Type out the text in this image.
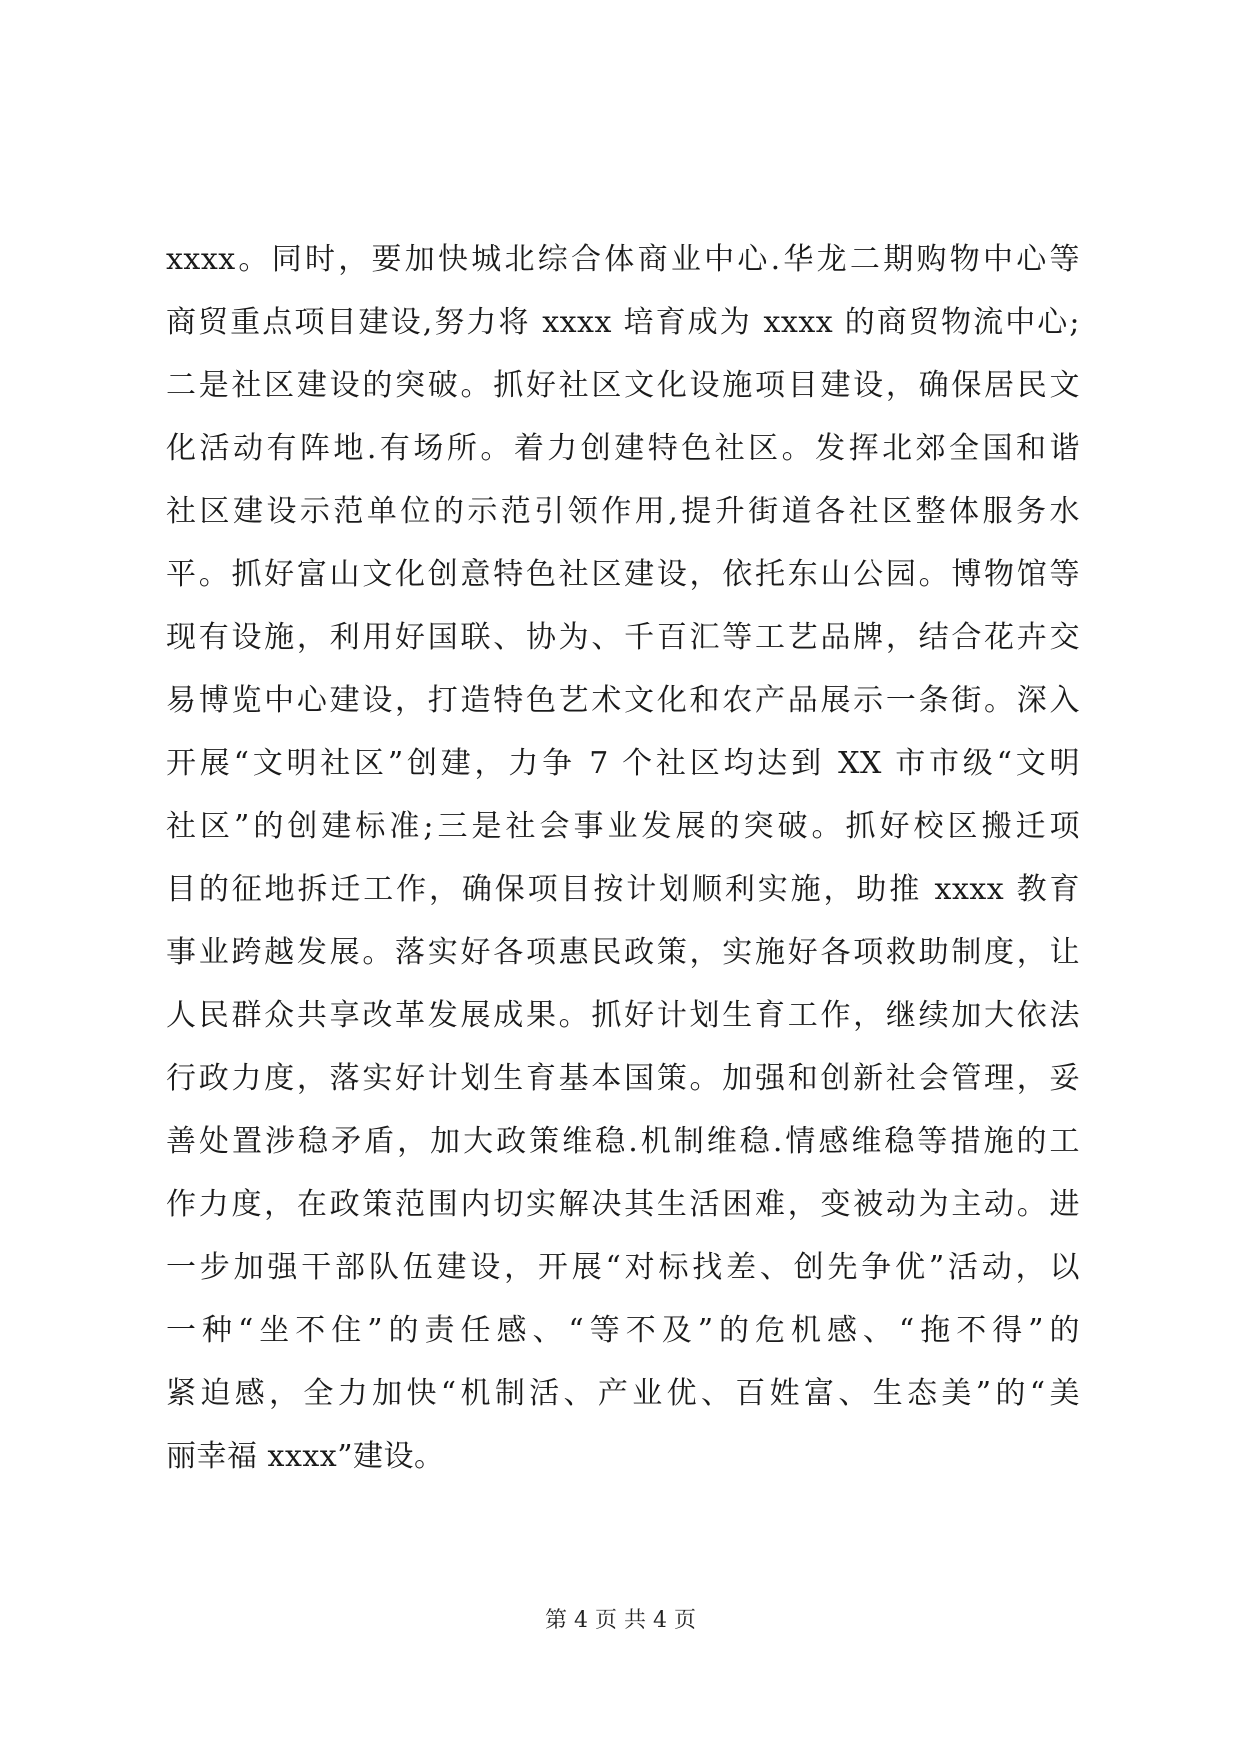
xxxx。同时，要加快城北综合体商业中心.华龙二期购物中心等
商贸重点项目建设,努力将 xxxx 培育成为 xxxx 的商贸物流中心;
二是社区建设的突破。抓好社区文化设施项目建设，确保居民文
化活动有阵地.有场所。着力创建特色社区。发挥北郊全国和谐
社区建设示范单位的示范引领作用,提升街道各社区整体服务水
平。抓好富山文化创意特色社区建设，依托东山公园。博物馆等
现有设施，利用好国联、协为、千百汇等工艺品牌，结合花卉交
易博览中心建设，打造特色艺术文化和农产品展示一条街。深入
开展“文明社区”创建，力争 7 个社区均达到 XX 市市级“文明
社区”的创建标准;三是社会事业发展的突破。抓好校区搬迁项
目的征地拆迁工作，确保项目按计划顺利实施，助推 xxxx 教育
事业跨越发展。落实好各项惠民政策，实施好各项救助制度，让
人民群众共享改革发展成果。抓好计划生育工作，继续加大依法
行政力度，落实好计划生育基本国策。加强和创新社会管理，妥
善处置涉稳矛盾，加大政策维稳.机制维稳.情感维稳等措施的工
作力度，在政策范围内切实解决其生活困难，变被动为主动。进
一步加强干部队伍建设，开展“对标找差、创先争优”活动，以
一种“坐不住”的责任感、“等不及”的危机感、“拖不得”的
紧迫感，全力加快“机制活、产业优、百姓富、生态美”的“美
丽幸福 xxxx”建设。
第 4 页 共 4 页
